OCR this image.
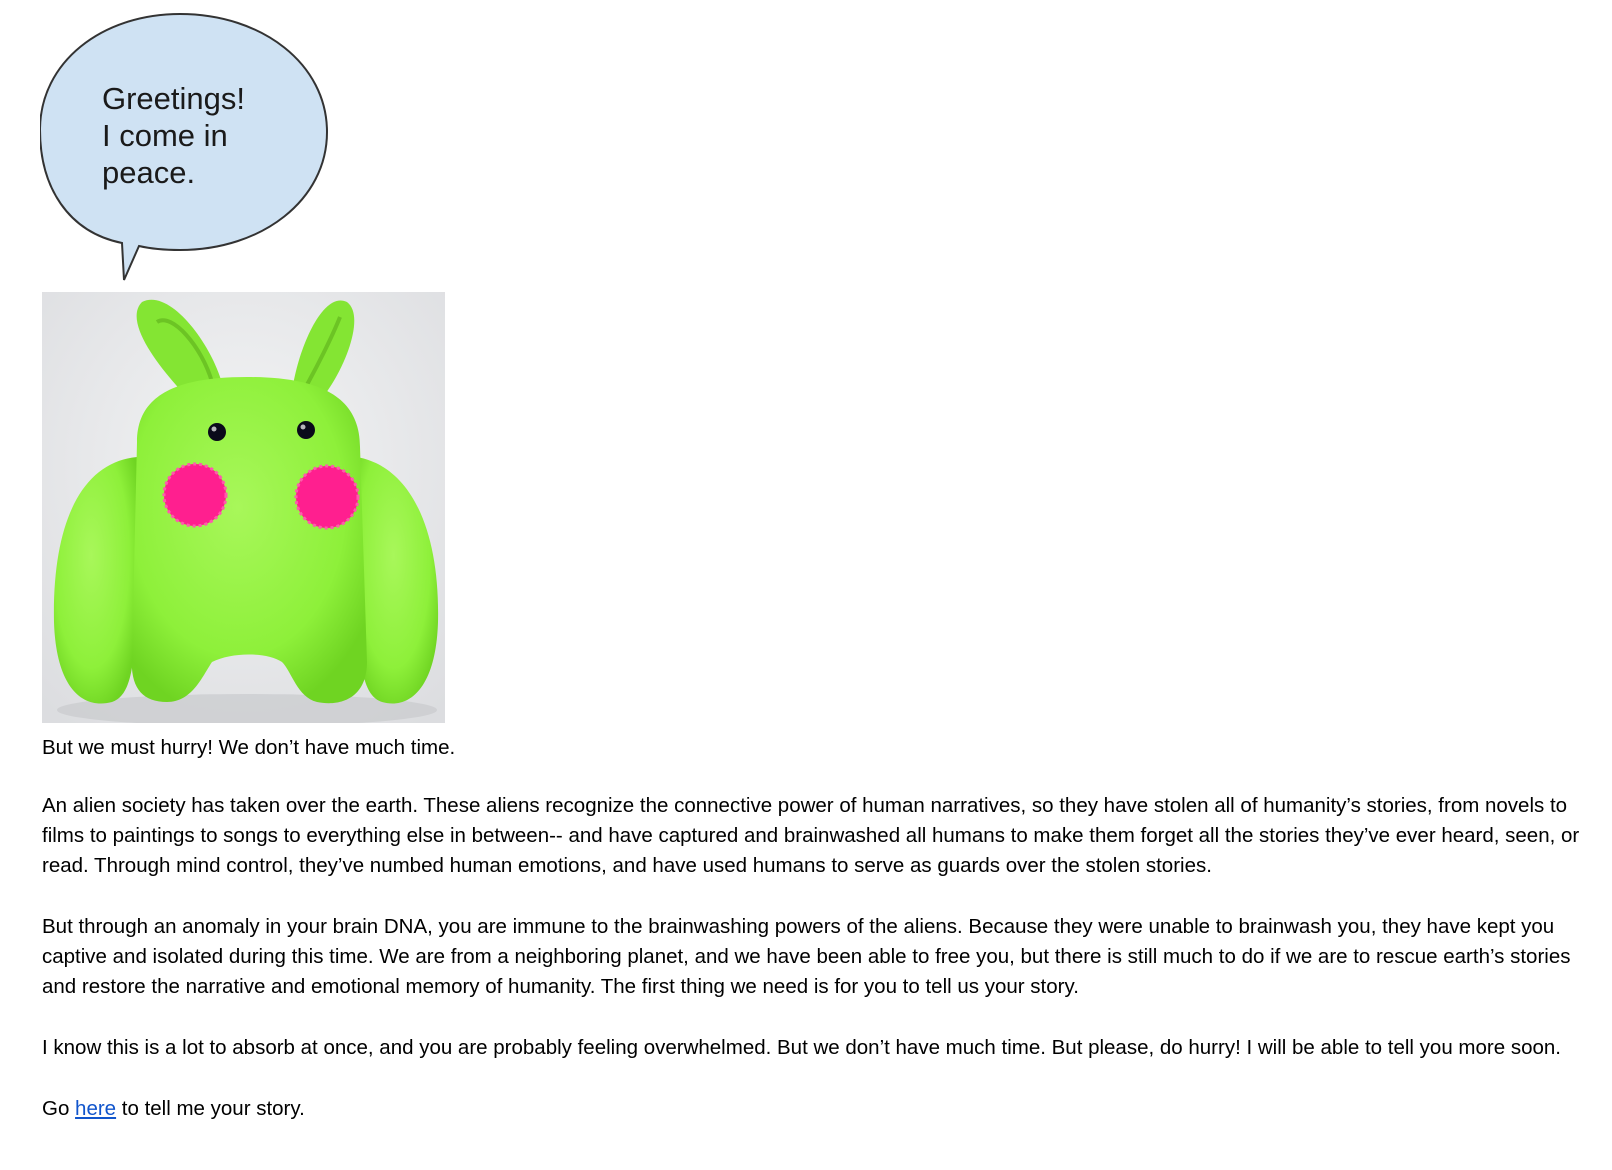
Greetings!
I come in
peace.

But we must hurry! We don’t have much time.

An alien society has taken over the earth. These aliens recognize the connective power of human narratives, so they have stolen all of humanity’s stories, from novels to films to paintings to songs to everything else in between-- and have captured and brainwashed all humans to make them forget all the stories they’ve ever heard, seen, or read. Through mind control, they’ve numbed human emotions, and have used humans to serve as guards over the stolen stories.

But through an anomaly in your brain DNA, you are immune to the brainwashing powers of the aliens. Because they were unable to brainwash you, they have kept you captive and isolated during this time. We are from a neighboring planet, and we have been able to free you, but there is still much to do if we are to rescue earth’s stories and restore the narrative and emotional memory of humanity. The first thing we need is for you to tell us your story.

I know this is a lot to absorb at once, and you are probably feeling overwhelmed. But we don’t have much time. But please, do hurry! I will be able to tell you more soon.

Go here to tell me your story.
